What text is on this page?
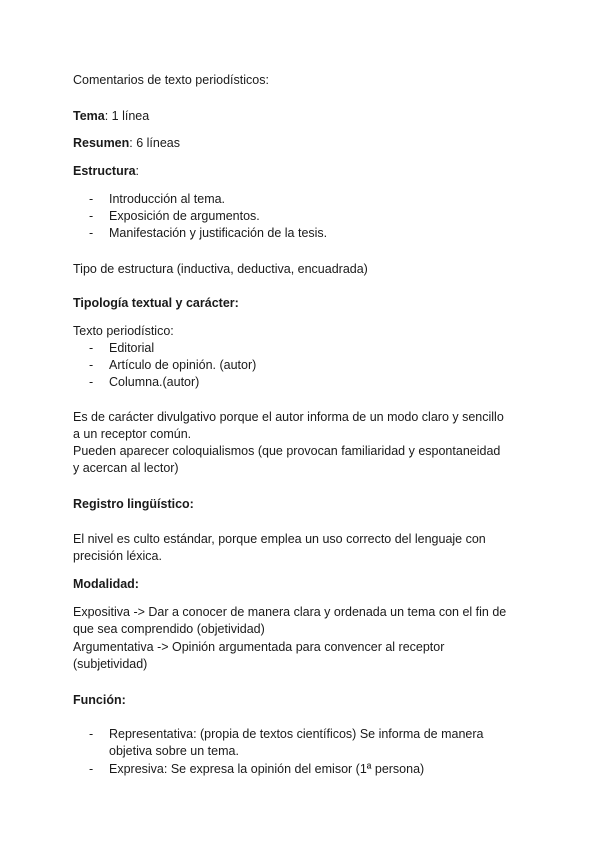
Comentarios de texto periodísticos:
Tema: 1 línea
Resumen: 6 líneas
Estructura:
- Introducción al tema.
- Exposición de argumentos.
- Manifestación y justificación de la tesis.
Tipo de estructura (inductiva, deductiva, encuadrada)
Tipología textual y carácter:
Texto periodístico:
- Editorial
- Artículo de opinión. (autor)
- Columna.(autor)
Es de carácter divulgativo porque el autor informa de un modo claro y sencillo
a un receptor común.
Pueden aparecer coloquialismos (que provocan familiaridad y espontaneidad
y acercan al lector)
Registro lingüístico:
El nivel es culto estándar, porque emplea un uso correcto del lenguaje con
precisión léxica.
Modalidad:
Expositiva -> Dar a conocer de manera clara y ordenada un tema con el fin de
que sea comprendido (objetividad)
Argumentativa -> Opinión argumentada para convencer al receptor
(subjetividad)
Función:
- Representativa: (propia de textos científicos) Se informa de manera
objetiva sobre un tema.
- Expresiva: Se expresa la opinión del emisor (1ª persona)
